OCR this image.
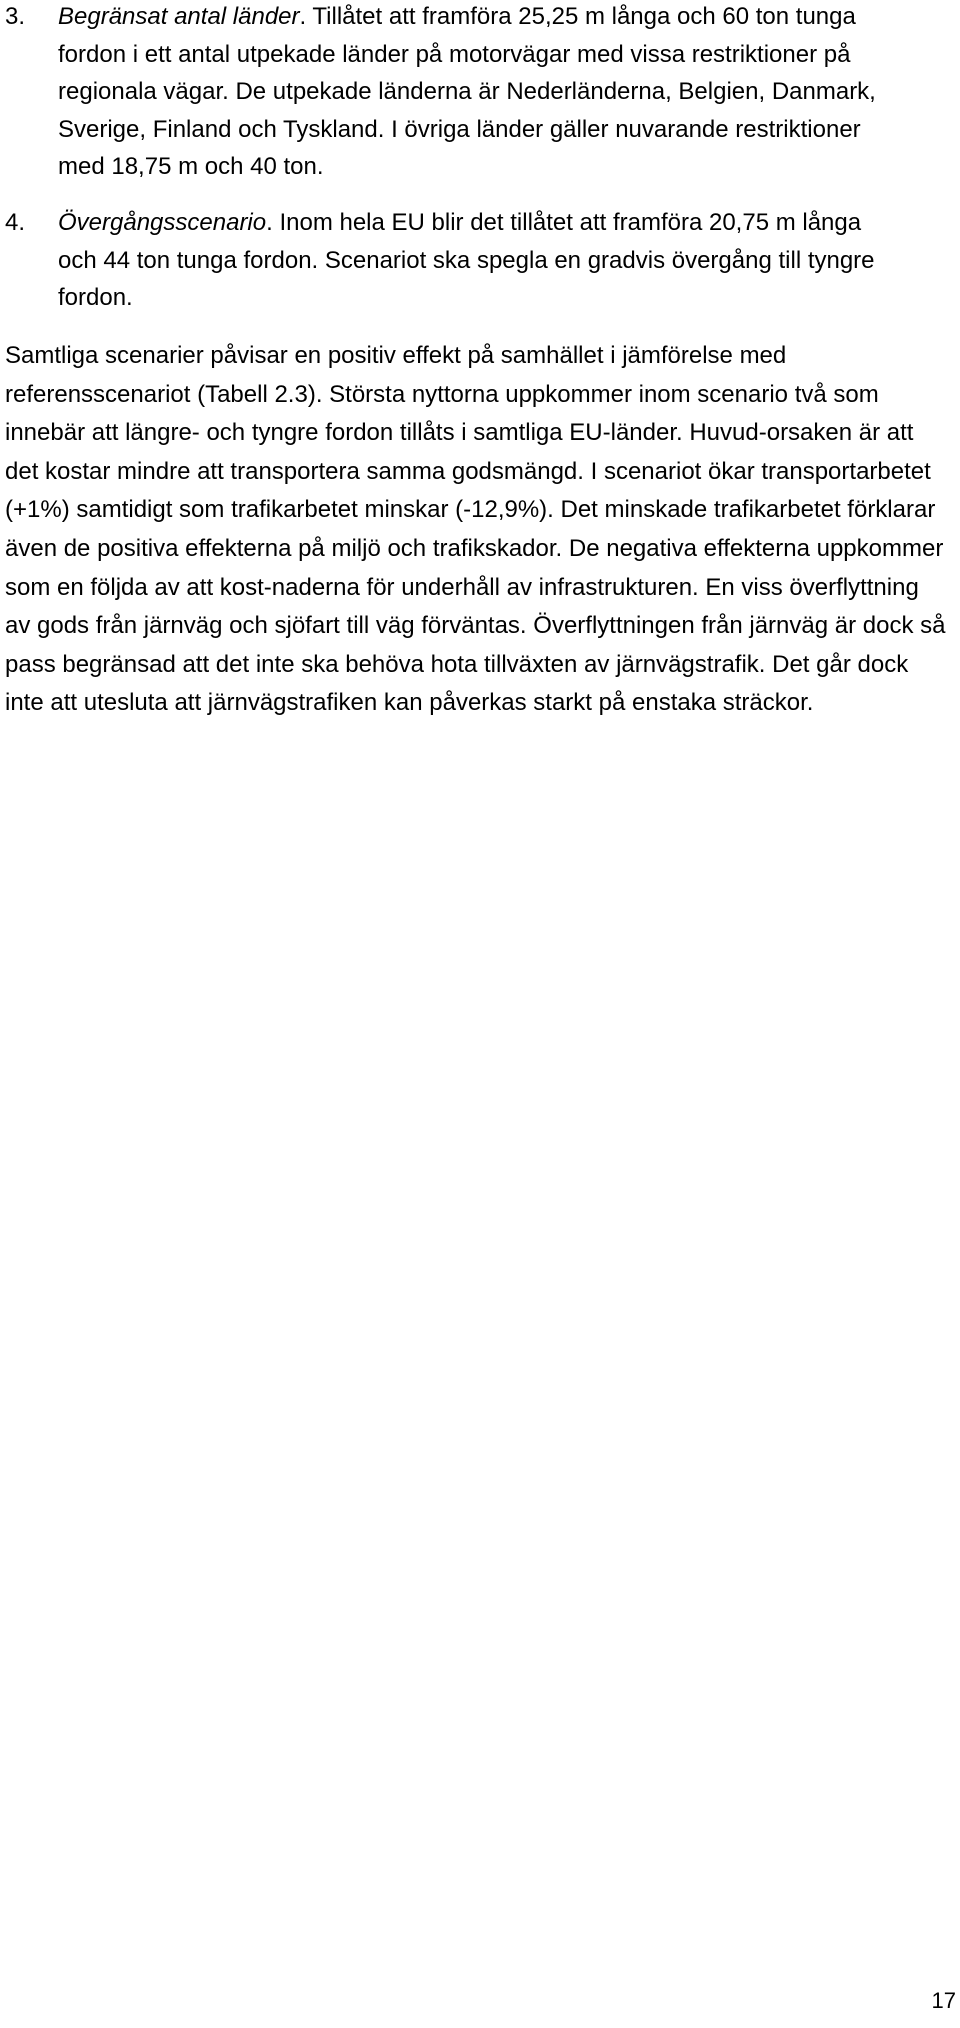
3. Begränsat antal länder. Tillåtet att framföra 25,25 m långa och 60 ton tunga fordon i ett antal utpekade länder på motorvägar med vissa restriktioner på regionala vägar. De utpekade länderna är Nederländerna, Belgien, Danmark, Sverige, Finland och Tyskland. I övriga länder gäller nuvarande restriktioner med 18,75 m och 40 ton.
4. Övergångsscenario. Inom hela EU blir det tillåtet att framföra 20,75 m långa och 44 ton tunga fordon. Scenariot ska spegla en gradvis övergång till tyngre fordon.

Samtliga scenarier påvisar en positiv effekt på samhället i jämförelse med referensscenariot (Tabell 2.3). Största nyttorna uppkommer inom scenario två som innebär att längre- och tyngre fordon tillåts i samtliga EU-länder. Huvud-orsaken är att det kostar mindre att transportera samma godsmängd. I scenariot ökar transportarbetet (+1%) samtidigt som trafikarbetet minskar (-12,9%). Det minskade trafikarbetet förklarar även de positiva effekterna på miljö och trafikskador. De negativa effekterna uppkommer som en följda av att kost-naderna för underhåll av infrastrukturen. En viss överflyttning av gods från järnväg och sjöfart till väg förväntas. Överflyttningen från järnväg är dock så pass begränsad att det inte ska behöva hota tillväxten av järnvägstrafik. Det går dock inte att utesluta att järnvägstrafiken kan påverkas starkt på enstaka sträckor.

17
